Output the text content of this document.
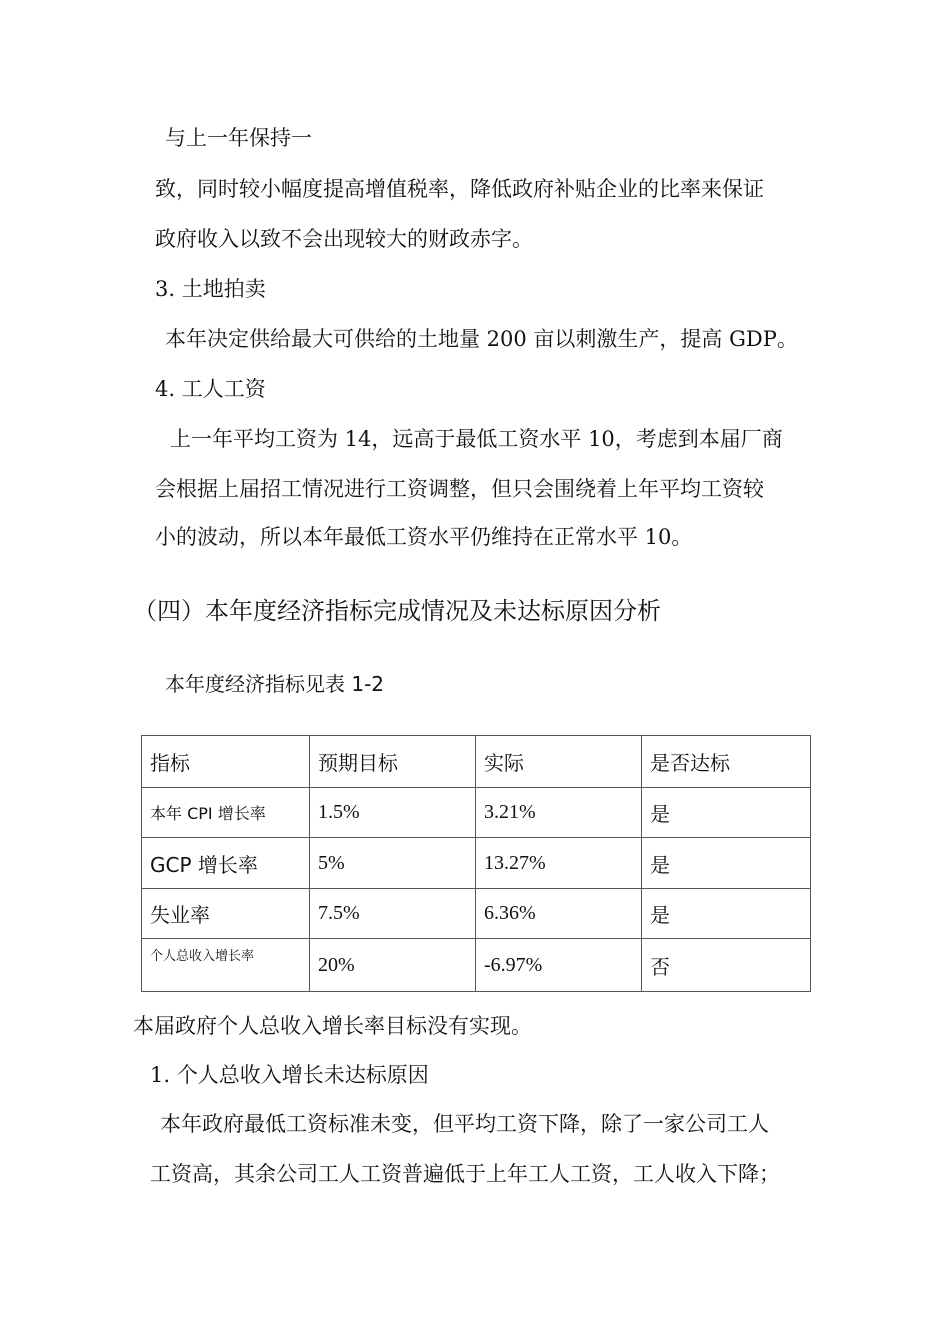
与上一年保持一
致，同时较小幅度提高增值税率，降低政府补贴企业的比率来保证
政府收入以致不会出现较大的财政赤字。
3. 土地拍卖
本年决定供给最大可供给的土地量 200 亩以刺激生产，提高 GDP。
4. 工人工资
上一年平均工资为 14，远高于最低工资水平 10，考虑到本届厂商
会根据上届招工情况进行工资调整，但只会围绕着上年平均工资较
小的波动，所以本年最低工资水平仍维持在正常水平 10。
（四）本年度经济指标完成情况及未达标原因分析
本年度经济指标见表 1-2
指标	预期目标	实际	是否达标
本年 CPI 增长率	1.5%	3.21%	是
GCP 增长率	5%	13.27%	是
失业率	7.5%	6.36%	是
个人总收入增长率	20%	-6.97%	否
本届政府个人总收入增长率目标没有实现。
1. 个人总收入增长未达标原因
本年政府最低工资标准未变，但平均工资下降，除了一家公司工人
工资高，其余公司工人工资普遍低于上年工人工资，工人收入下降；
